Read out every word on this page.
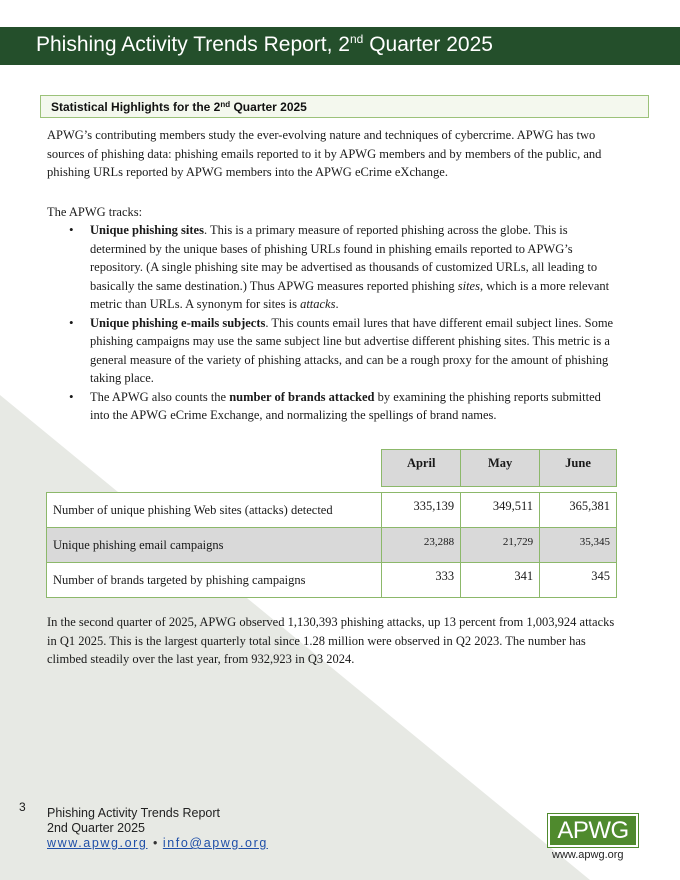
Phishing Activity Trends Report, 2nd Quarter 2025
Statistical Highlights for the 2nd Quarter 2025

APWG’s contributing members study the ever-evolving nature and techniques of cybercrime. APWG has two sources of phishing data: phishing emails reported to it by APWG members and by members of the public, and phishing URLs reported by APWG members into the APWG eCrime eXchange.

The APWG tracks:

• Unique phishing sites. This is a primary measure of reported phishing across the globe. This is determined by the unique bases of phishing URLs found in phishing emails reported to APWG’s repository. (A single phishing site may be advertised as thousands of customized URLs, all leading to basically the same destination.) Thus APWG measures reported phishing sites, which is a more relevant metric than URLs. A synonym for sites is attacks.
• Unique phishing e-mails subjects. This counts email lures that have different email subject lines. Some phishing campaigns may use the same subject line but advertise different phishing sites. This metric is a general measure of the variety of phishing attacks, and can be a rough proxy for the amount of phishing taking place.
• The APWG also counts the number of brands attacked by examining the phishing reports submitted into the APWG eCrime Exchange, and normalizing the spellings of brand names.
	April	May	June

Number of unique phishing Web sites (attacks) detected	335,139	349,511	365,381
Unique phishing email campaigns	23,288	21,729	35,345
Number of brands targeted by phishing campaigns	333	341	345

In the second quarter of 2025, APWG observed 1,130,393 phishing attacks, up 13 percent from 1,003,924 attacks in Q1 2025. This is the largest quarterly total since 1.28 million were observed in Q2 2023. The number has climbed steadily over the last year, from 932,923 in Q3 2024.

3 Phishing Activity Trends Report
2nd Quarter 2025
www.apwg.org • info@apwg.org	APWG
www.apwg.org
